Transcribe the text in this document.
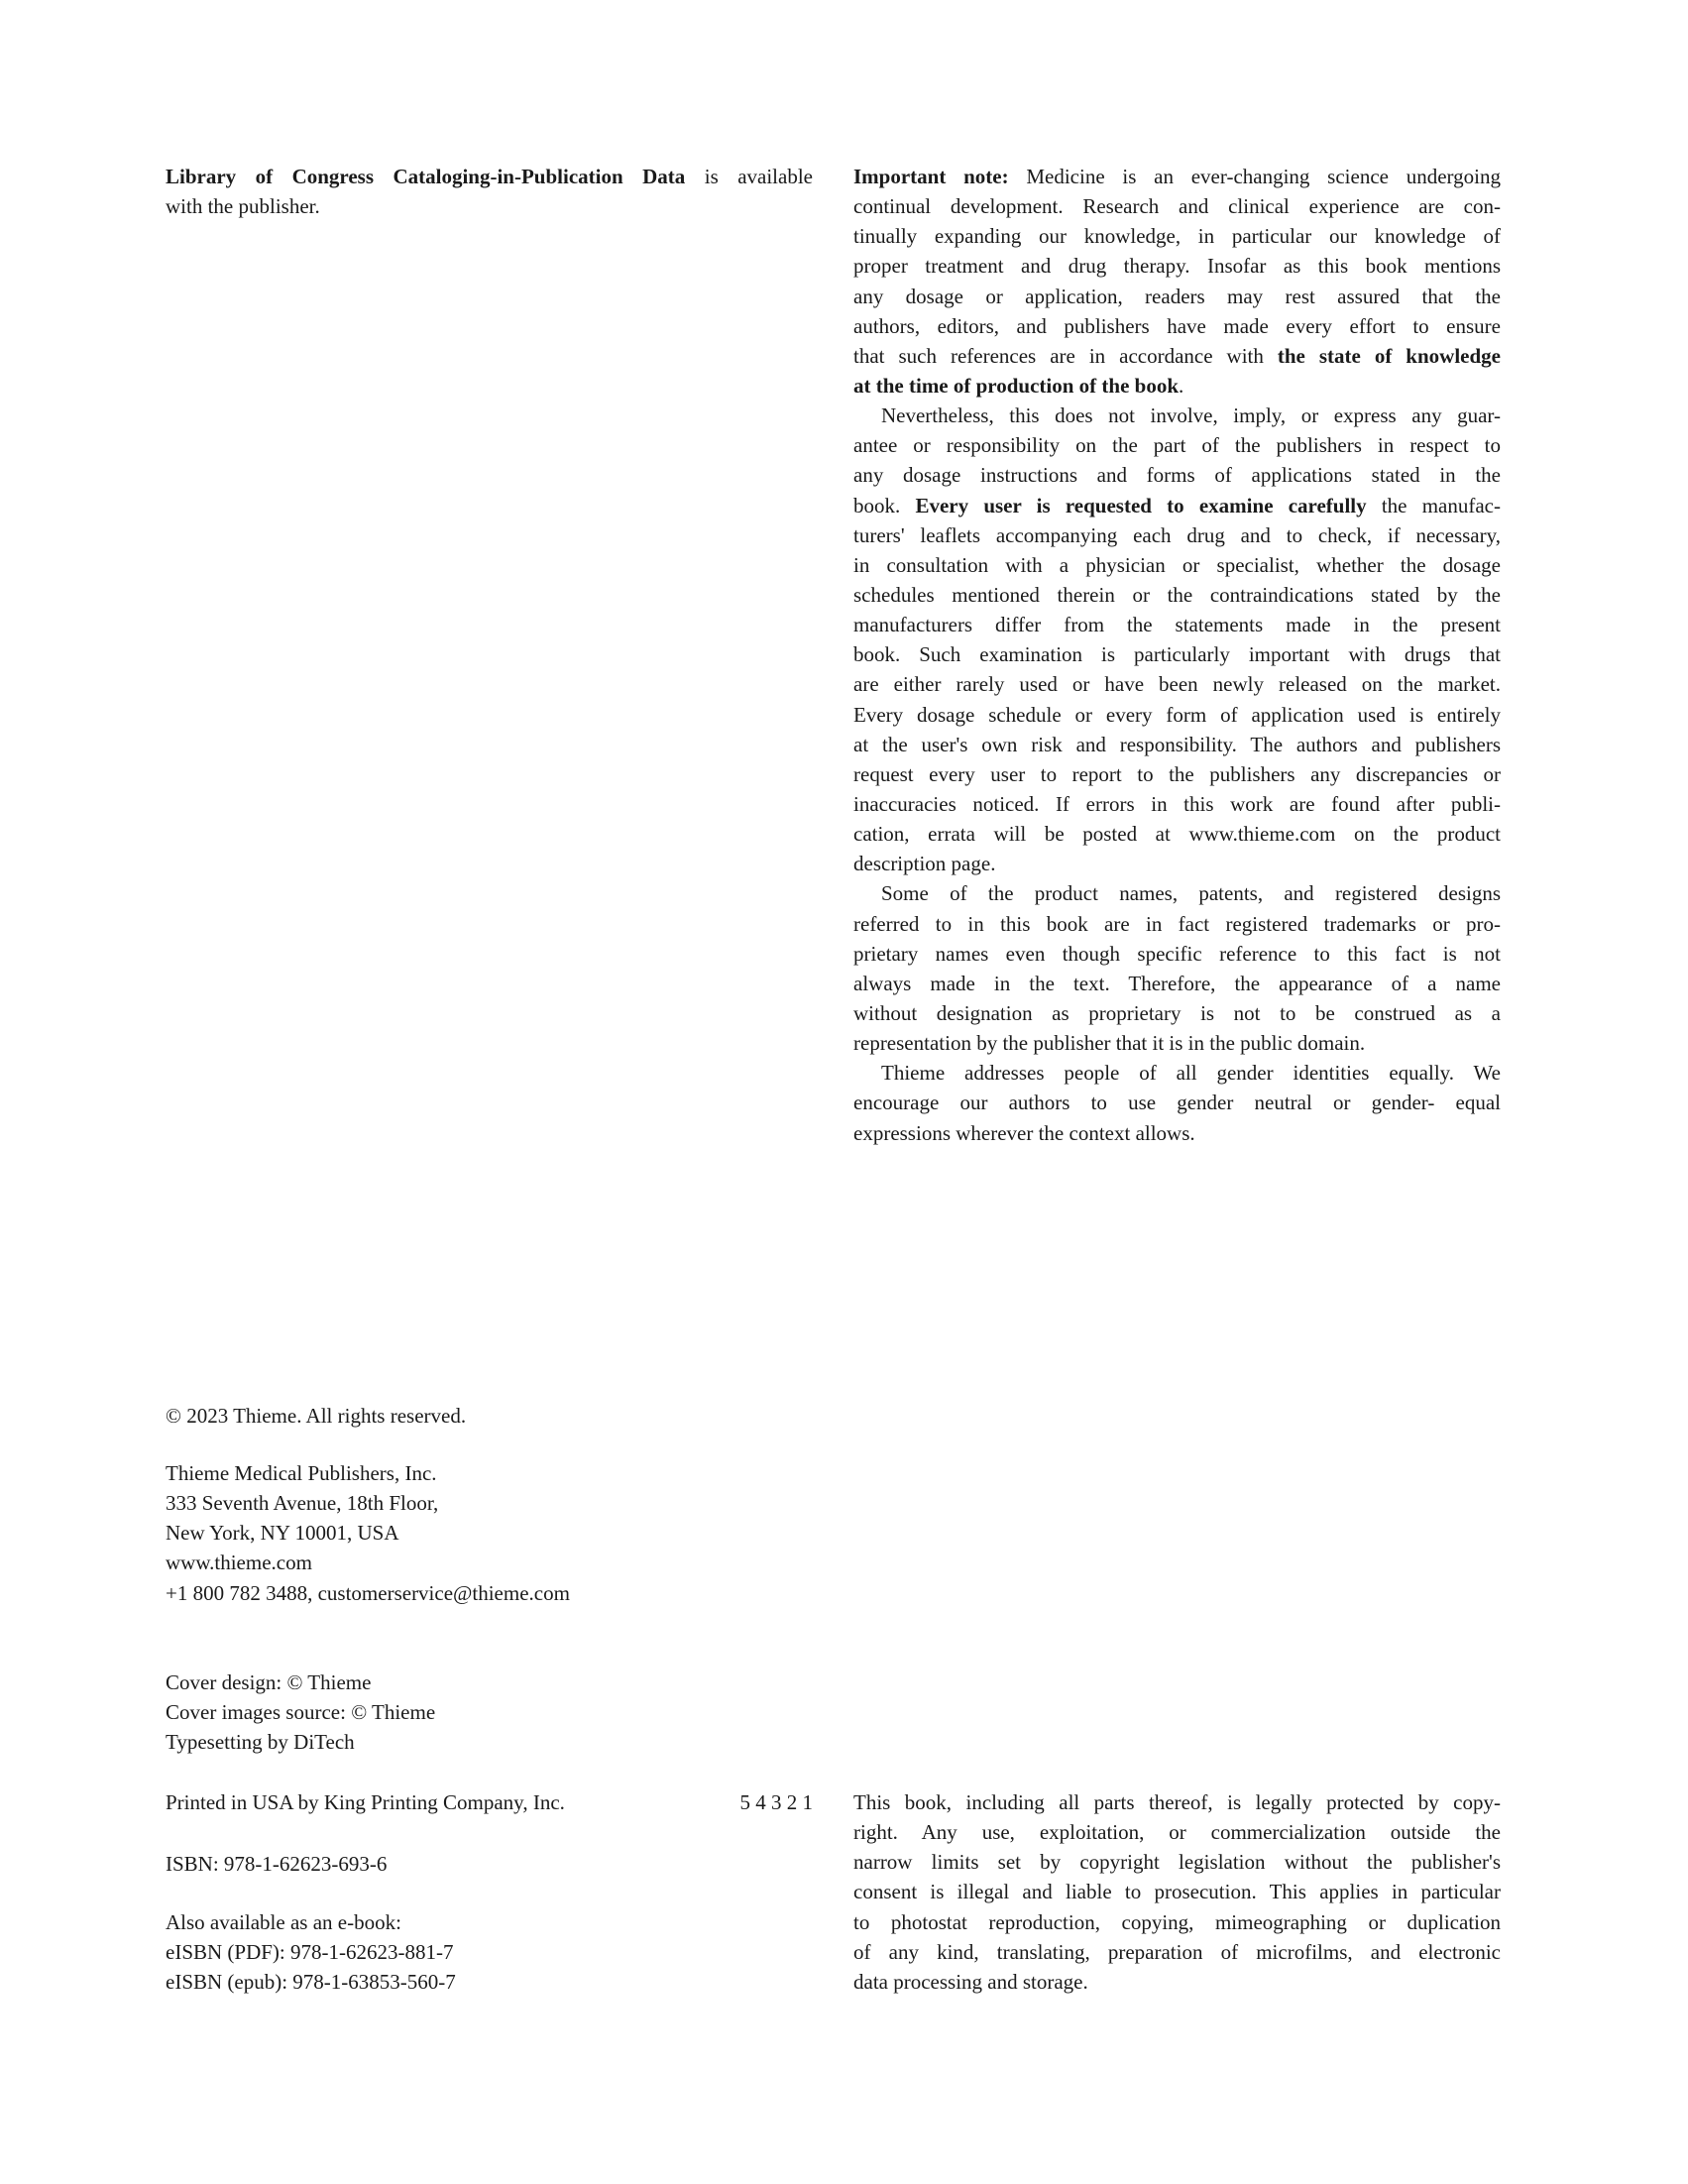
Library of Congress Cataloging-in-Publication Data is available
with the publisher.
Important note: Medicine is an ever-changing science undergoing
continual development. Research and clinical experience are con-
tinually expanding our knowledge, in particular our knowledge of
proper treatment and drug therapy. Insofar as this book mentions
any dosage or application, readers may rest assured that the
authors, editors, and publishers have made every effort to ensure
that such references are in accordance with the state of knowledge
at the time of production of the book.
Nevertheless, this does not involve, imply, or express any guar-
antee or responsibility on the part of the publishers in respect to
any dosage instructions and forms of applications stated in the
book. Every user is requested to examine carefully the manufac-
turers' leaflets accompanying each drug and to check, if necessary,
in consultation with a physician or specialist, whether the dosage
schedules mentioned therein or the contraindications stated by the
manufacturers differ from the statements made in the present
book. Such examination is particularly important with drugs that
are either rarely used or have been newly released on the market.
Every dosage schedule or every form of application used is entirely
at the user's own risk and responsibility. The authors and publishers
request every user to report to the publishers any discrepancies or
inaccuracies noticed. If errors in this work are found after publi-
cation, errata will be posted at www.thieme.com on the product
description page.
Some of the product names, patents, and registered designs
referred to in this book are in fact registered trademarks or pro-
prietary names even though specific reference to this fact is not
always made in the text. Therefore, the appearance of a name
without designation as proprietary is not to be construed as a
representation by the publisher that it is in the public domain.
Thieme addresses people of all gender identities equally. We
encourage our authors to use gender neutral or gender- equal
expressions wherever the context allows.
© 2023 Thieme. All rights reserved.
Thieme Medical Publishers, Inc.
333 Seventh Avenue, 18th Floor,
New York, NY 10001, USA
www.thieme.com
+1 800 782 3488, customerservice@thieme.com
Cover design: © Thieme
Cover images source: © Thieme
Typesetting by DiTech
Printed in USA by King Printing Company, Inc.	5 4 3 2 1
ISBN: 978-1-62623-693-6
Also available as an e-book:
eISBN (PDF): 978-1-62623-881-7
eISBN (epub): 978-1-63853-560-7
This book, including all parts thereof, is legally protected by copy-
right. Any use, exploitation, or commercialization outside the
narrow limits set by copyright legislation without the publisher's
consent is illegal and liable to prosecution. This applies in particular
to photostat reproduction, copying, mimeographing or duplication
of any kind, translating, preparation of microfilms, and electronic
data processing and storage.
